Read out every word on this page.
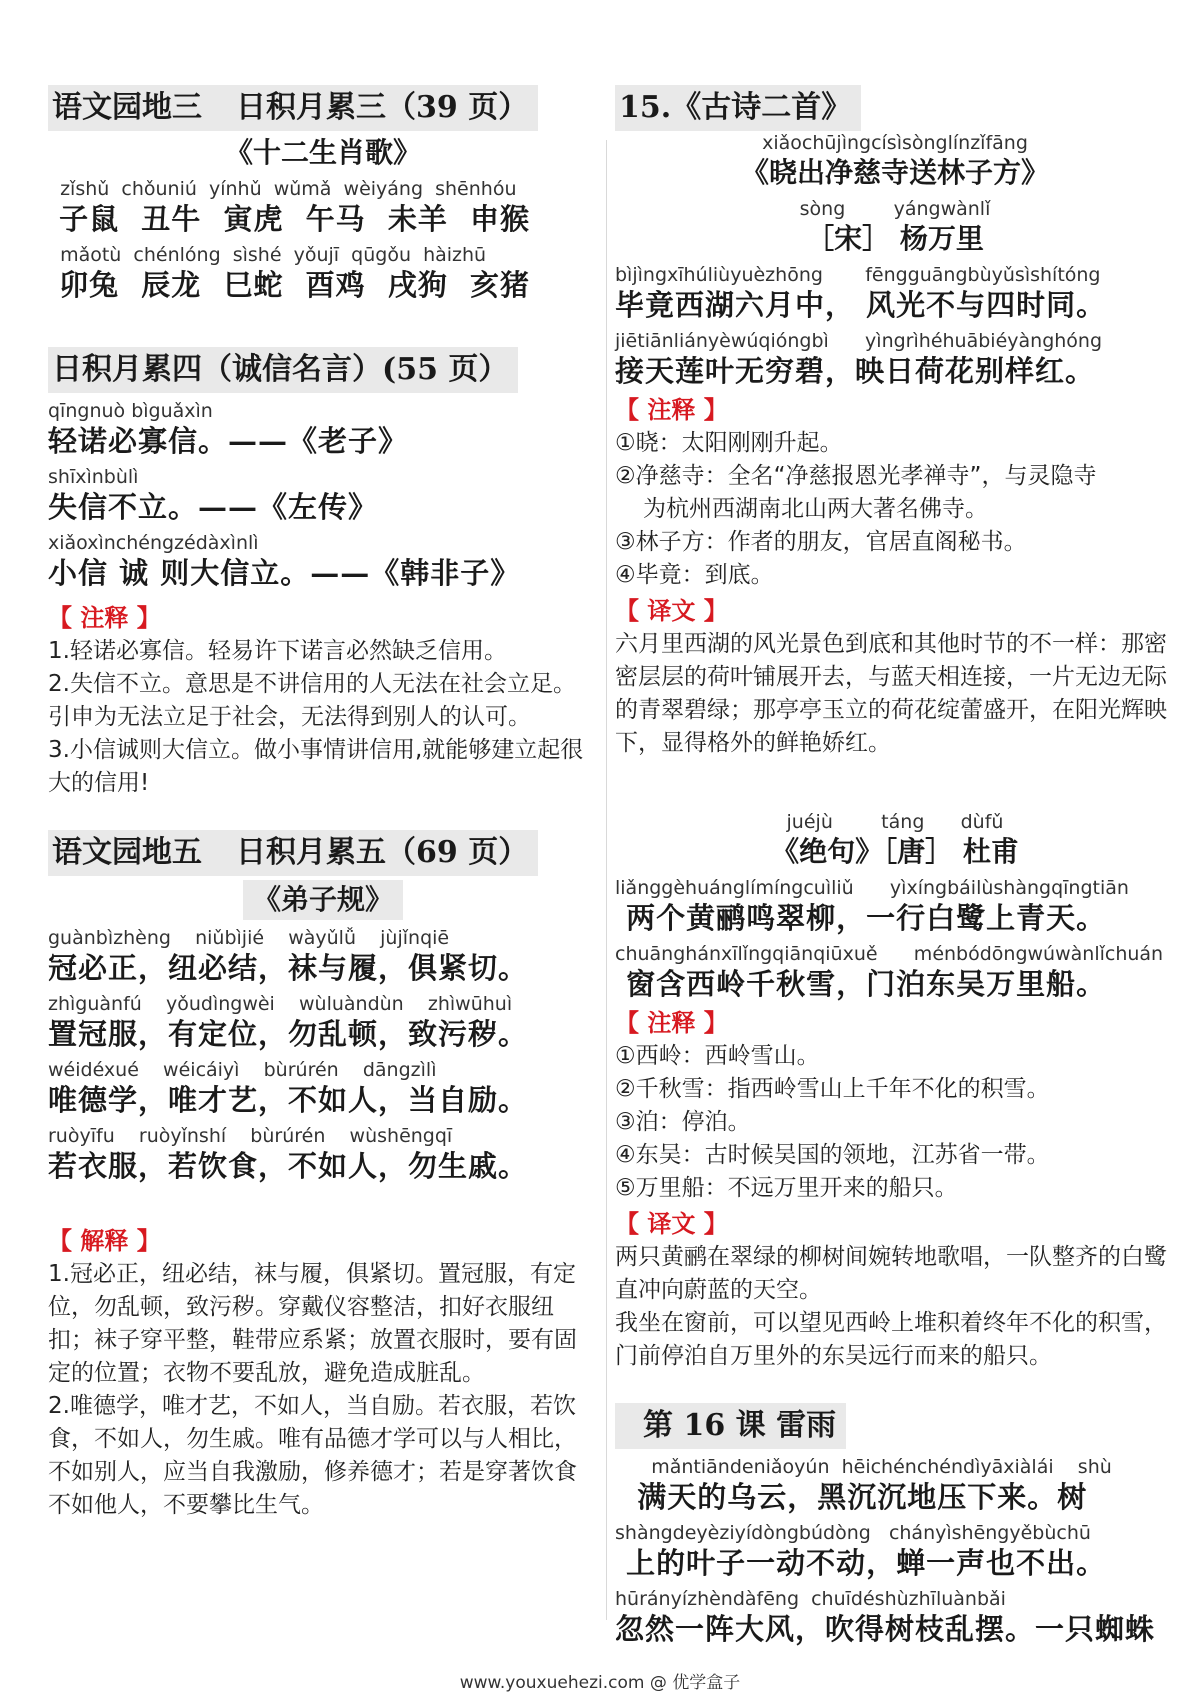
语文园地三 日积月累三（39 页）
《十二生肖歌》
zǐshǔ  chǒuniú  yínhǔ  wǔmǎ  wèiyáng  shēnhóu
子鼠  丑牛  寅虎  午马  未羊  申猴
mǎotù  chénlóng  sìshé  yǒujī  qūgǒu  hàizhū
卯兔  辰龙  巳蛇  酉鸡  戌狗  亥猪
日积月累四（诚信名言）(55 页）
qīngnuò bìguǎxìn
轻诺必寡信。——《老子》
shīxìnbùlì
失信不立。——《左传》
xiǎoxìnchéngzédàxìnlì
小信 诚 则大信立。——《韩非子》
【 注释 】
1.轻诺必寡信。轻易许下诺言必然缺乏信用。
2.失信不立。意思是不讲信用的人无法在社会立足。引申为无法立足于社会，无法得到别人的认可。
3.小信诚则大信立。做小事情讲信用,就能够建立起很大的信用!
语文园地五 日积月累五（69 页）
《弟子规》
guànbìzhèng    niǔbìjié    wàyǔlǚ    jùjǐnqiē
冠必正，纽必结，袜与履，俱紧切。
zhìguànfú    yǒudìngwèi    wùluàndùn    zhìwūhuì
置冠服，有定位，勿乱顿，致污秽。
wéidéxué    wéicáiyì    bùrúrén    dāngzìlì
唯德学，唯才艺，不如人，当自励。
ruòyīfu    ruòyǐnshí    bùrúrén    wùshēngqī
若衣服，若饮食，不如人，勿生戚。
【 解释 】
1.冠必正，纽必结，袜与履，俱紧切。置冠服，有定位，勿乱顿，致污秽。穿戴仪容整洁，扣好衣服纽扣；袜子穿平整，鞋带应系紧；放置衣服时，要有固定的位置；衣物不要乱放，避免造成脏乱。
2.唯德学，唯才艺，不如人，当自励。若衣服，若饮食，不如人，勿生戚。唯有品德才学可以与人相比，不如别人，应当自我激励，修养德才；若是穿著饮食不如他人，不要攀比生气。
15.《古诗二首》
xiǎochūjìngcísìsònglínzǐfāng
《晓出净慈寺送林子方》
sòng        yángwànlǐ
［宋］ 杨万里
bìjìngxīhúliùyuèzhōng       fēngguāngbùyǔsìshítóng
毕竟西湖六月中， 风光不与四时同。
jiētiānliányèwúqióngbì      yìngrìhéhuābiéyànghóng
接天莲叶无穷碧，映日荷花别样红。
【 注释 】
①晓：太阳刚刚升起。
②净慈寺：全名“净慈报恩光孝禅寺”，与灵隐寺
为杭州西湖南北山两大著名佛寺。
③林子方：作者的朋友，官居直阁秘书。
④毕竟：到底。
【 译文 】
六月里西湖的风光景色到底和其他时节的不一样：那密密层层的荷叶铺展开去，与蓝天相连接，一片无边无际的青翠碧绿；那亭亭玉立的荷花绽蕾盛开，在阳光辉映下，显得格外的鲜艳娇红。
juéjù        táng      dùfǔ
《绝句》［唐］ 杜甫
liǎnggèhuánglímíngcuìliǔ      yìxíngbáilùshàngqīngtiān
两个黄鹂鸣翠柳，一行白鹭上青天。
chuānghánxīlǐngqiānqiūxuě      ménbódōngwúwànlǐchuán
窗含西岭千秋雪，门泊东吴万里船。
【 注释 】
①西岭：西岭雪山。
②千秋雪：指西岭雪山上千年不化的积雪。
③泊：停泊。
④东吴：古时候吴国的领地，江苏省一带。
⑤万里船：不远万里开来的船只。
【 译文 】
两只黄鹂在翠绿的柳树间婉转地歌唱，一队整齐的白鹭直冲向蔚蓝的天空。
我坐在窗前，可以望见西岭上堆积着终年不化的积雪，门前停泊自万里外的东吴远行而来的船只。
第 16 课 雷雨
mǎntiāndeniǎoyún  hēichénchéndìyāxiàlái    shù
满天的乌云，黑沉沉地压下来。树
shàngdeyèziyídòngbúdòng   chányìshēngyěbùchū
上的叶子一动不动，蝉一声也不出。
hūrányízhèndàfēng  chuīdéshùzhīluànbǎi
忽然一阵大风，吹得树枝乱摆。一只蜘蛛
www.youxuehezi.com @ 优学盒子
